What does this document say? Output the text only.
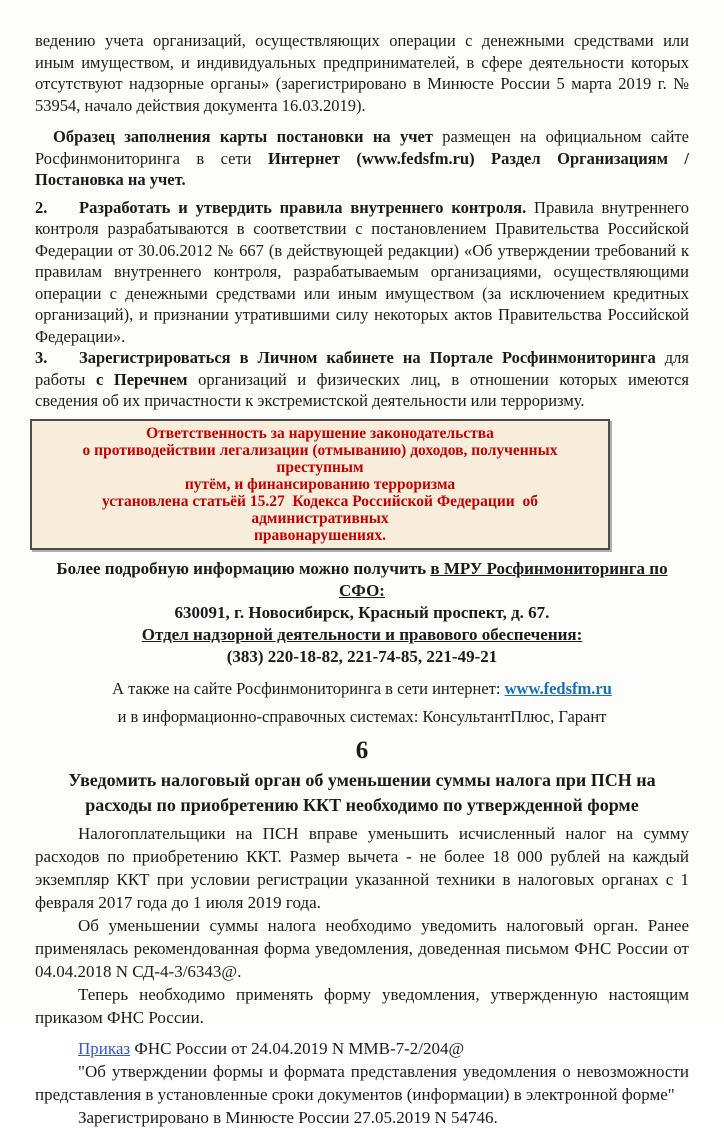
ведению учета организаций, осуществляющих операции с денежными средствами или иным имуществом, и индивидуальных предпринимателей, в сфере деятельности которых отсутствуют надзорные органы» (зарегистрировано в Минюсте России 5 марта 2019 г. № 53954, начало действия документа 16.03.2019).

Образец заполнения карты постановки на учет размещен на официальном сайте Росфинмониторинга в сети Интернет (www.fedsfm.ru) Раздел Организациям / Постановка на учет.

2. Разработать и утвердить правила внутреннего контроля. Правила внутреннего контроля разрабатываются в соответствии с постановлением Правительства Российской Федерации от 30.06.2012 № 667 (в действующей редакции) «Об утверждении требований к правилам внутреннего контроля, разрабатываемым организациями, осуществляющими операции с денежными средствами или иным имуществом (за исключением кредитных организаций), и признании утратившими силу некоторых актов Правительства Российской Федерации».

3. Зарегистрироваться в Личном кабинете на Портале Росфинмониторинга для работы с Перечнем организаций и физических лиц, в отношении которых имеются сведения об их причастности к экстремистской деятельности или терроризму.

Ответственность за нарушение законодательства
о противодействии легализации (отмыванию) доходов, полученных преступным
путём, и финансированию терроризма
установлена статьёй 15.27  Кодекса Российской Федерации  об административных
правонарушениях.

Более подробную информацию можно получить в МРУ Росфинмониторинга по СФО:

630091, г. Новосибирск, Красный проспект, д. 67.

Отдел надзорной деятельности и правового обеспечения:

(383) 220-18-82, 221-74-85, 221-49-21

А также на сайте Росфинмониторинга в сети интернет: www.fedsfm.ru

и в информационно-справочных системах: КонсультантПлюс, Гарант

6
Уведомить налоговый орган об уменьшении суммы налога при ПСН на расходы по приобретению ККТ необходимо по утвержденной форме

Налогоплательщики на ПСН вправе уменьшить исчисленный налог на сумму расходов по приобретению ККТ. Размер вычета - не более 18 000 рублей на каждый экземпляр ККТ при условии регистрации указанной техники в налоговых органах с 1 февраля 2017 года до 1 июля 2019 года.

Об уменьшении суммы налога необходимо уведомить налоговый орган. Ранее применялась рекомендованная форма уведомления, доведенная письмом ФНС России от 04.04.2018 N СД-4-3/6343@.

Теперь необходимо применять форму уведомления, утвержденную настоящим приказом ФНС России.

Приказ ФНС России от 24.04.2019 N ММВ-7-2/204@

"Об утверждении формы и формата представления уведомления о невозможности представления в установленные сроки документов (информации) в электронной форме"

Зарегистрировано в Минюсте России 27.05.2019 N 54746.
